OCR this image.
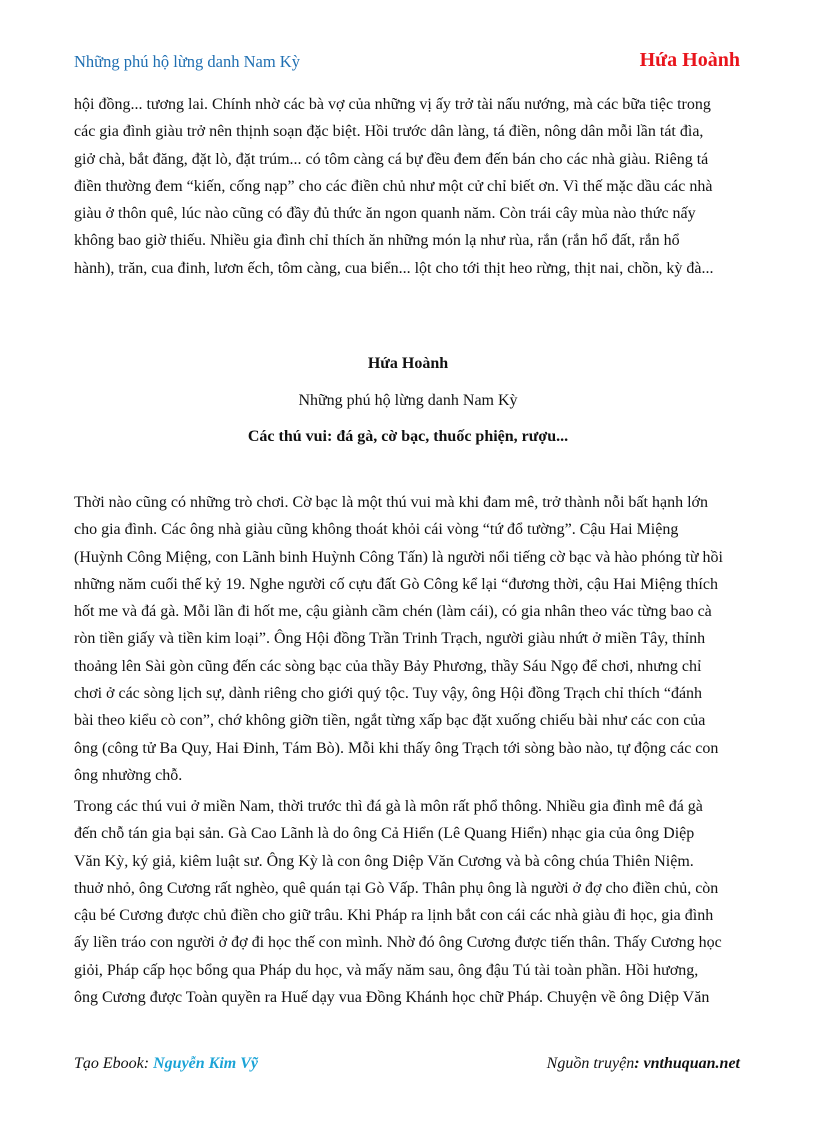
Những phú hộ lừng danh Nam Kỳ	Hứa Hoành

hội đồng... tương lai. Chính nhờ các bà vợ của những vị ấy trở tài nấu nướng, mà các bữa tiệc trong
các gia đình giàu trở nên thịnh soạn đặc biệt. Hồi trước dân làng, tá điền, nông dân mỗi lần tát đìa,
giở chà, bắt đăng, đặt lò, đặt trúm... có tôm càng cá bự đều đem đến bán cho các nhà giàu. Riêng tá
điền thường đem “kiến, cống nạp” cho các điền chủ như một cử chỉ biết ơn. Vì thế mặc dầu các nhà
giàu ở thôn quê, lúc nào cũng có đầy đủ thức ăn ngon quanh năm. Còn trái cây mùa nào thức nấy
không bao giờ thiếu. Nhiều gia đình chỉ thích ăn những món lạ như rùa, rắn (rắn hổ đất, rắn hổ
hành), trăn, cua đinh, lươn ếch, tôm càng, cua biển... lột cho tới thịt heo rừng, thịt nai, chồn, kỳ đà...

Hứa Hoành

Những phú hộ lừng danh Nam Kỳ

Các thú vui: đá gà, cờ bạc, thuốc phiện, rượu...

Thời nào cũng có những trò chơi. Cờ bạc là một thú vui mà khi đam mê, trở thành nỗi bất hạnh lớn
cho gia đình. Các ông nhà giàu cũng không thoát khỏi cái vòng “tứ đổ tường”. Cậu Hai Miệng
(Huỳnh Công Miệng, con Lãnh binh Huỳnh Công Tấn) là người nổi tiếng cờ bạc và hào phóng từ hồi
những năm cuối thế kỷ 19. Nghe người cố cựu đất Gò Công kể lại “đương thời, cậu Hai Miệng thích
hốt me và đá gà. Mỗi lần đi hốt me, cậu giành cầm chén (làm cái), có gia nhân theo vác từng bao cà
ròn tiền giấy và tiền kim loại”. Ông Hội đồng Trần Trinh Trạch, người giàu nhứt ở miền Tây, thỉnh
thoảng lên Sài gòn cũng đến các sòng bạc của thầy Bảy Phương, thầy Sáu Ngọ để chơi, nhưng chỉ
chơi ở các sòng lịch sự, dành riêng cho giới quý tộc. Tuy vậy, ông Hội đồng Trạch chỉ thích “đánh
bài theo kiểu cò con”, chớ không giỡn tiền, ngắt từng xấp bạc đặt xuống chiếu bài như các con của
ông (công tử Ba Quy, Hai Đinh, Tám Bò). Mỗi khi thấy ông Trạch tới sòng bào nào, tự động các con
ông nhường chỗ.

Trong các thú vui ở miền Nam, thời trước thì đá gà là môn rất phổ thông. Nhiều gia đình mê đá gà
đến chỗ tán gia bại sản. Gà Cao Lãnh là do ông Cả Hiển (Lê Quang Hiển) nhạc gia của ông Diệp
Văn Kỳ, ký giả, kiêm luật sư. Ông Kỳ là con ông Diệp Văn Cương và bà công chúa Thiên Niệm.
thuở nhỏ, ông Cương rất nghèo, quê quán tại Gò Vấp. Thân phụ ông là người ở đợ cho điền chủ, còn
cậu bé Cương được chủ điền cho giữ trâu. Khi Pháp ra lịnh bắt con cái các nhà giàu đi học, gia đình
ấy liền tráo con người ở đợ đi học thế con mình. Nhờ đó ông Cương được tiến thân. Thấy Cương học
giỏi, Pháp cấp học bổng qua Pháp du học, và mấy năm sau, ông đậu Tú tài toàn phần. Hồi hương,
ông Cương được Toàn quyền ra Huế dạy vua Đồng Khánh học chữ Pháp. Chuyện về ông Diệp Văn

Tạo Ebook: Nguyễn Kim Vỹ	Nguồn truyện: vnthuquan.net
